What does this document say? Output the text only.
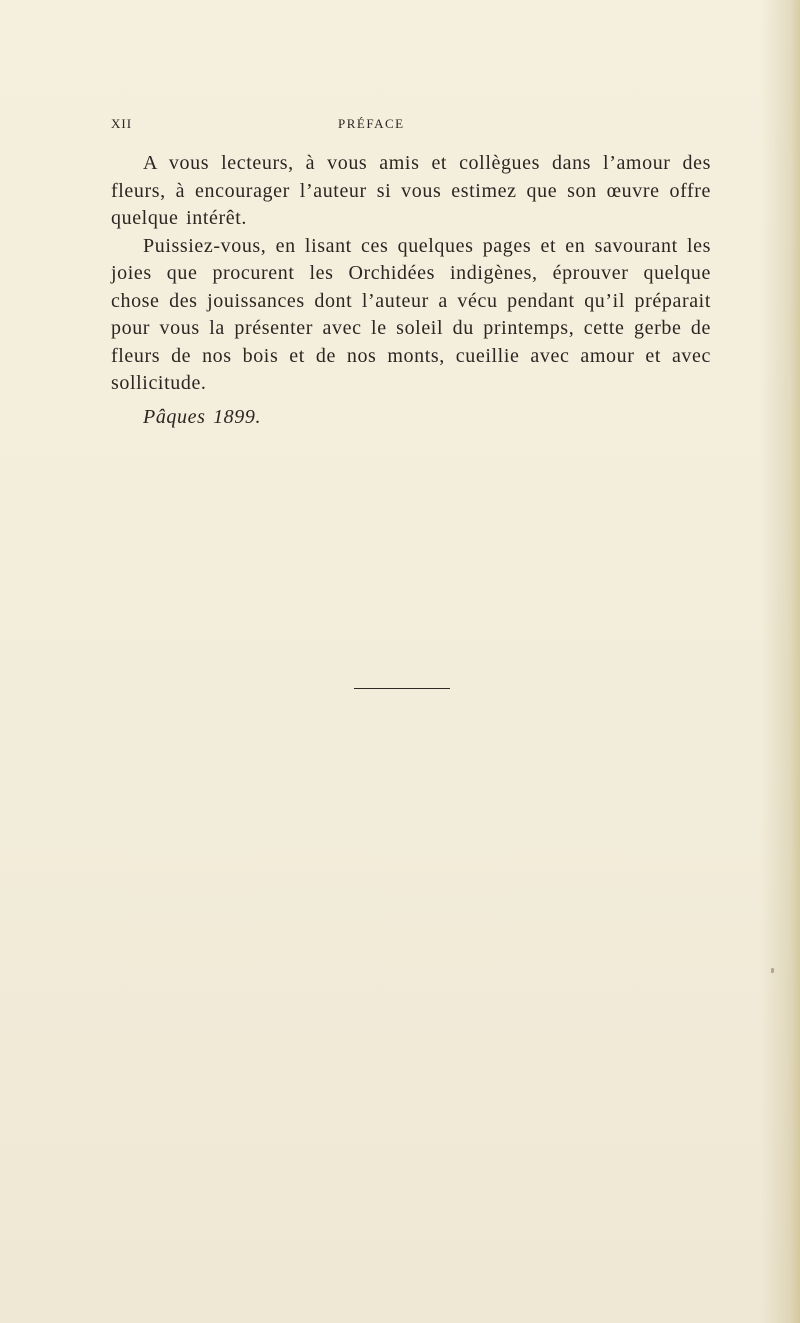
XII	PRÉFACE

A vous lecteurs, à vous amis et collègues dans l’amour des fleurs, à encourager l’auteur si vous estimez que son œuvre offre quelque intérêt.

Puissiez-vous, en lisant ces quelques pages et en savourant les joies que procurent les Orchidées indigènes, éprouver quelque chose des jouissances dont l’auteur a vécu pendant qu’il préparait pour vous la présenter avec le soleil du printemps, cette gerbe de fleurs de nos bois et de nos monts, cueillie avec amour et avec sollicitude.

Pâques 1899.
